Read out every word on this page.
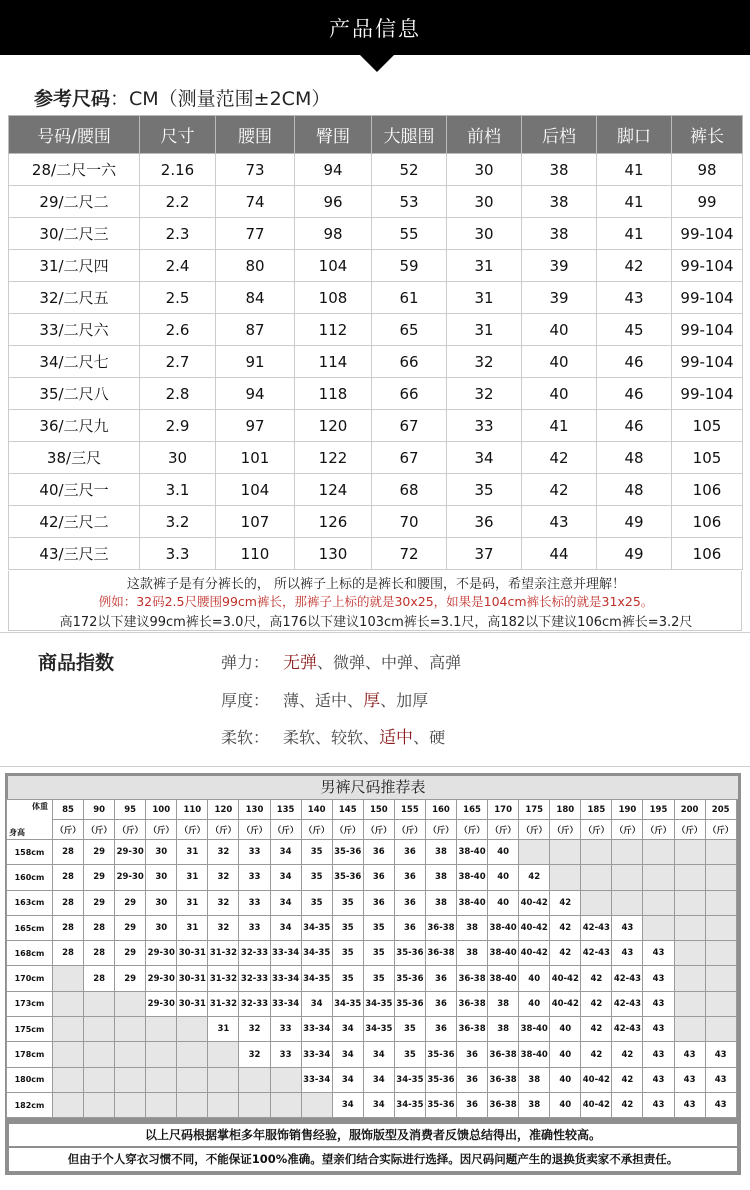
产品信息
参考尺码：CM（测量范围±2CM）
号码/腰围	尺寸	腰围	臀围	大腿围	前档	后档	脚口	裤长
28/二尺一六	2.16	73	94	52	30	38	41	98
29/二尺二	2.2	74	96	53	30	38	41	99
30/二尺三	2.3	77	98	55	30	38	41	99-104
31/二尺四	2.4	80	104	59	31	39	42	99-104
32/二尺五	2.5	84	108	61	31	39	43	99-104
33/二尺六	2.6	87	112	65	31	40	45	99-104
34/二尺七	2.7	91	114	66	32	40	46	99-104
35/二尺八	2.8	94	118	66	32	40	46	99-104
36/二尺九	2.9	97	120	67	33	41	46	105
38/三尺	30	101	122	67	34	42	48	105
40/三尺一	3.1	104	124	68	35	42	48	106
42/三尺二	3.2	107	126	70	36	43	49	106
43/三尺三	3.3	110	130	72	37	44	49	106
这款裤子是有分裤长的， 所以裤子上标的是裤长和腰围，不是码，希望亲注意并理解！
例如：32码2.5尺腰围99cm裤长，那裤子上标的就是30x25，如果是104cm裤长标的就是31x25。
高172以下建议99cm裤长=3.0尺，高176以下建议103cm裤长=3.1尺，高182以下建议106cm裤长=3.2尺
商品指数	弹力： 无弹、微弹、中弹、高弹
厚度： 薄、适中、厚、加厚
柔软： 柔软、较软、适中、硬
男裤尺码推荐表
体重
身高	85	90	95	100	110	120	130	135	140	145	150	155	160	165	170	175	180	185	190	195	200	205
	（斤）	（斤）	（斤）	（斤）	（斤）	（斤）	（斤）	（斤）	（斤）	（斤）	（斤）	（斤）	（斤）	（斤）	（斤）	（斤）	（斤）	（斤）	（斤）	（斤）	（斤）	（斤）
158cm	28	29	29-30	30	31	32	33	34	35	35-36	36	36	38	38-40	40							
160cm	28	29	29-30	30	31	32	33	34	35	35-36	36	36	38	38-40	40	42						
163cm	28	29	29	30	31	32	33	34	35	35	36	36	38	38-40	40	40-42	42					
165cm	28	28	29	30	31	32	33	34	34-35	35	35	36	36-38	38	38-40	40-42	42	42-43	43			
168cm	28	28	29	29-30	30-31	31-32	32-33	33-34	34-35	35	35	35-36	36-38	38	38-40	40-42	42	42-43	43	43		
170cm		28	29	29-30	30-31	31-32	32-33	33-34	34-35	35	35	35-36	36	36-38	38-40	40	40-42	42	42-43	43		
173cm				29-30	30-31	31-32	32-33	33-34	34	34-35	34-35	35-36	36	36-38	38	40	40-42	42	42-43	43		
175cm						31	32	33	33-34	34	34-35	35	36	36-38	38	38-40	40	42	42-43	43		
178cm							32	33	33-34	34	34	35	35-36	36	36-38	38-40	40	42	42	43	43	43
180cm									33-34	34	34	34-35	35-36	36	36-38	38	40	40-42	42	43	43	43
182cm										34	34	34-35	35-36	36	36-38	38	40	40-42	42	43	43	43
以上尺码根据掌柜多年服饰销售经验，服饰版型及消费者反馈总结得出，准确性较高。
但由于个人穿衣习惯不同，不能保证100%准确。望亲们结合实际进行选择。因尺码问题产生的退换货卖家不承担责任。
